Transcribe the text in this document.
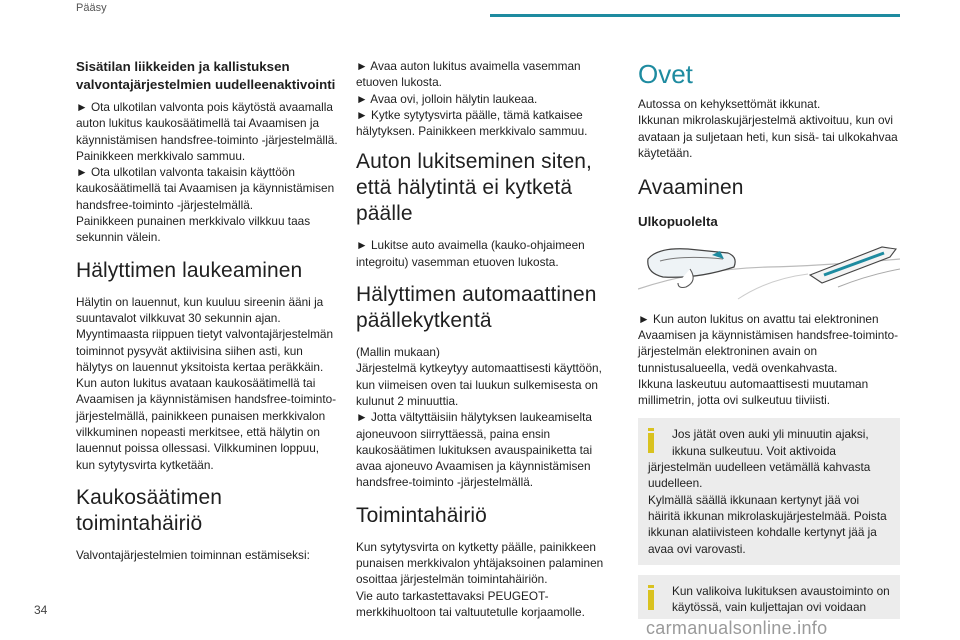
Pääsy
Sisätilan liikkeiden ja kallistuksen valvontajärjestelmien uudelleenaktivointi
► Ota ulkotilan valvonta pois käytöstä avaamalla auton lukitus kaukosäätimellä tai Avaamisen ja käynnistämisen handsfree-toiminto -järjestelmällä.
Painikkeen merkkivalo sammuu.
► Ota ulkotilan valvonta takaisin käyttöön kaukosäätimellä tai Avaamisen ja käynnistämisen handsfree-toiminto -järjestelmällä.
Painikkeen punainen merkkivalo vilkkuu taas sekunnin välein.
Hälyttimen laukeaminen
Hälytin on lauennut, kun kuuluu sireenin ääni ja suuntavalot vilkkuvat 30 sekunnin ajan.
Myyntimaasta riippuen tietyt valvontajärjestelmän toiminnot pysyvät aktiivisina siihen asti, kun hälytys on lauennut yksitoista kertaa peräkkäin.
Kun auton lukitus avataan kaukosäätimellä tai Avaamisen ja käynnistämisen handsfree-toiminto-järjestelmällä, painikkeen punaisen merkkivalon vilkkuminen nopeasti merkitsee, että hälytin on lauennut poissa ollessasi. Vilkkuminen loppuu, kun sytytysvirta kytketään.
Kaukosäätimen toimintahäiriö
Valvontajärjestelmien toiminnan estämiseksi:
► Avaa auton lukitus avaimella vasemman etuoven lukosta.
► Avaa ovi, jolloin hälytin laukeaa.
► Kytke sytytysvirta päälle, tämä katkaisee hälytyksen. Painikkeen merkkivalo sammuu.
Auton lukitseminen siten, että hälytintä ei kytketä päälle
► Lukitse auto avaimella (kauko-ohjaimeen integroitu) vasemman etuoven lukosta.
Hälyttimen automaattinen päällekytkentä
(Mallin mukaan)
Järjestelmä kytkeytyy automaattisesti käyttöön, kun viimeisen oven tai luukun sulkemisesta on kulunut 2 minuuttia.
► Jotta vältyttäisiin hälytyksen laukeamiselta ajoneuvoon siirryttäessä, paina ensin kaukosäätimen lukituksen avauspainiketta tai avaa ajoneuvo Avaamisen ja käynnistämisen handsfree-toiminto -järjestelmällä.
Toimintahäiriö
Kun sytytysvirta on kytketty päälle, painikkeen punaisen merkkivalon yhtäjaksoinen palaminen osoittaa järjestelmän toimintahäiriön.
Vie auto tarkastettavaksi PEUGEOT-merkkihuoltoon tai valtuutetulle korjaamolle.
Ovet
Autossa on kehyksettömät ikkunat.
Ikkunan mikrolaskujärjestelmä aktivoituu, kun ovi avataan ja suljetaan heti, kun sisä- tai ulkokahvaa käytetään.
Avaaminen
Ulkopuolelta
► Kun auton lukitus on avattu tai elektroninen Avaamisen ja käynnistämisen handsfree-toiminto-järjestelmän elektroninen avain on tunnistusalueella, vedä ovenkahvasta.
Ikkuna laskeutuu automaattisesti muutaman millimetrin, jotta ovi sulkeutuu tiiviisti.
Jos jätät oven auki yli minuutin ajaksi, ikkuna sulkeutuu. Voit aktivoida
järjestelmän uudelleen vetämällä kahvasta uudelleen.
Kylmällä säällä ikkunaan kertynyt jää voi häiritä ikkunan mikrolaskujärjestelmää. Poista ikkunan alatiivisteen kohdalle kertynyt jää ja avaa ovi varovasti.
Kun valikoiva lukituksen avaustoiminto on käytössä, vain kuljettajan ovi voidaan
34
carmanualsonline.info
